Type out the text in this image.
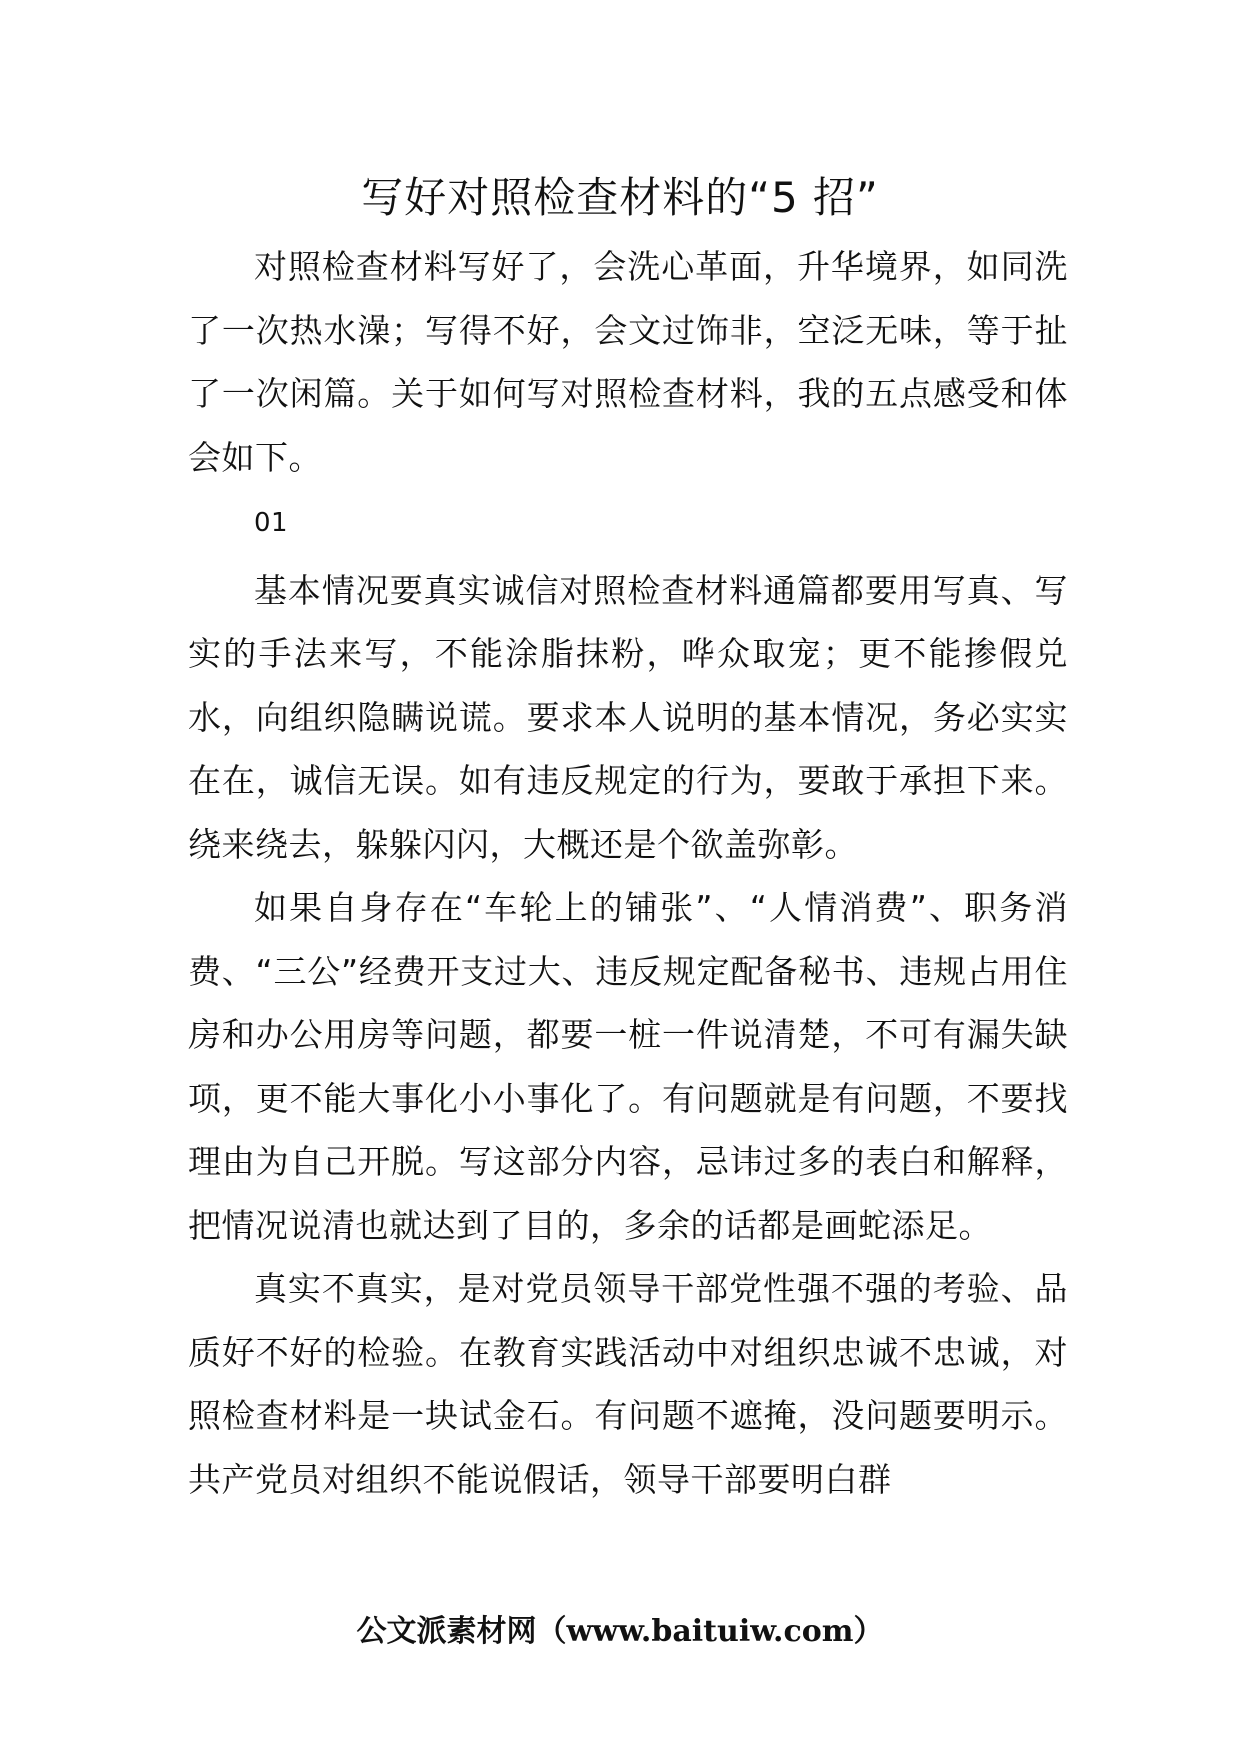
写好对照检查材料的“5 招”

对照检查材料写好了，会洗心革面，升华境界，如同洗了一次热水澡；写得不好，会文过饰非，空泛无味，等于扯了一次闲篇。关于如何写对照检查材料，我的五点感受和体会如下。

01

基本情况要真实诚信对照检查材料通篇都要用写真、写实的手法来写，不能涂脂抹粉，哗众取宠；更不能掺假兑水，向组织隐瞒说谎。要求本人说明的基本情况，务必实实在在，诚信无误。如有违反规定的行为，要敢于承担下来。绕来绕去，躲躲闪闪，大概还是个欲盖弥彰。

如果自身存在“车轮上的铺张”、“人情消费”、职务消费、“三公”经费开支过大、违反规定配备秘书、违规占用住房和办公用房等问题，都要一桩一件说清楚，不可有漏失缺项，更不能大事化小小事化了。有问题就是有问题，不要找理由为自己开脱。写这部分内容，忌讳过多的表白和解释，把情况说清也就达到了目的，多余的话都是画蛇添足。

真实不真实，是对党员领导干部党性强不强的考验、品质好不好的检验。在教育实践活动中对组织忠诚不忠诚，对照检查材料是一块试金石。有问题不遮掩，没问题要明示。共产党员对组织不能说假话，领导干部要明白群

公文派素材网（www.baituiw.com）
